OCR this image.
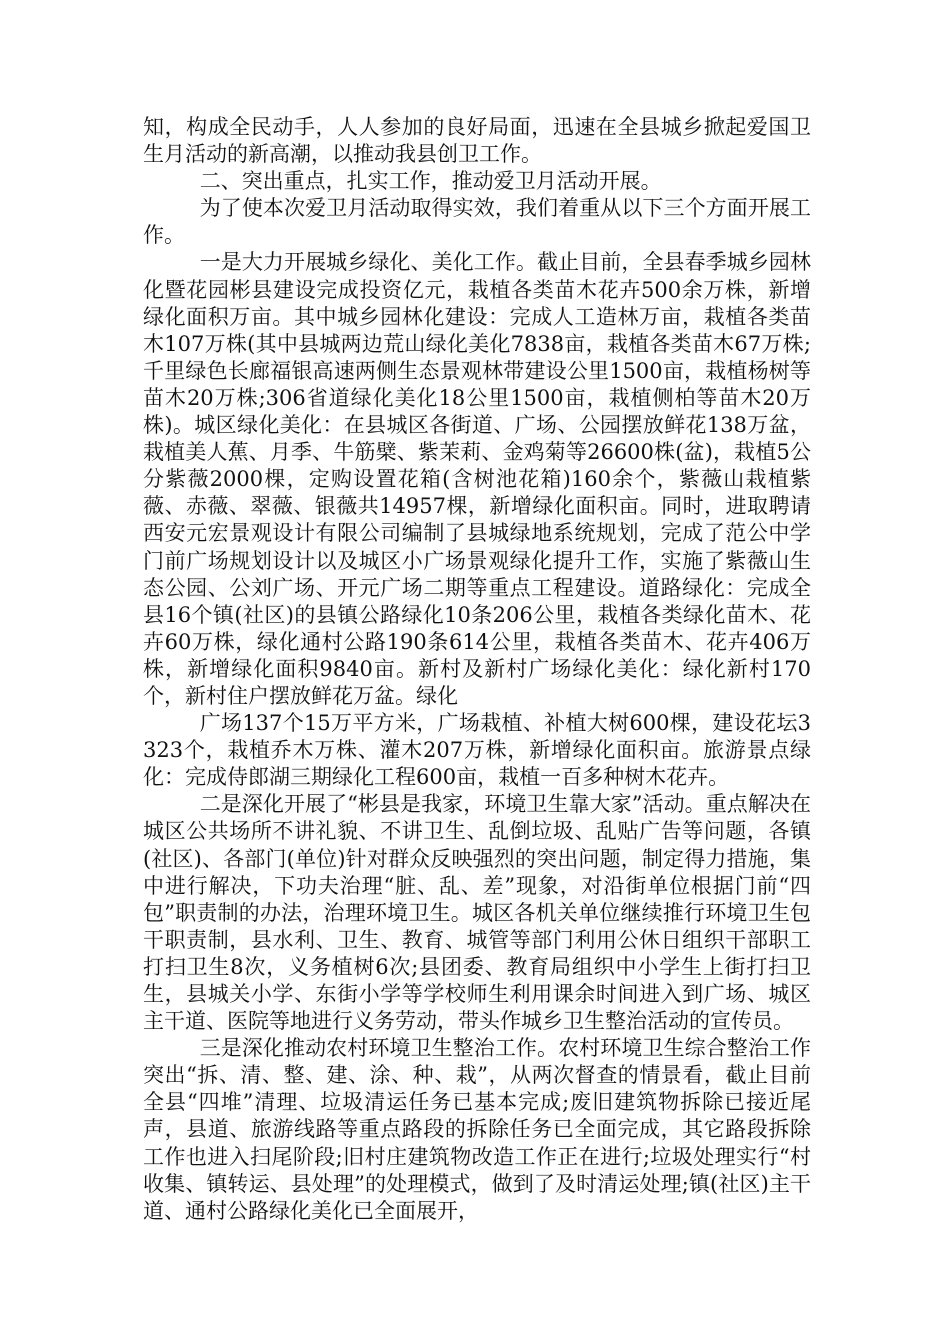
知，构成全民动手，人人参加的良好局面，迅速在全县城乡掀起爱国卫生月活动的新高潮，以推动我县创卫工作。

二、突出重点，扎实工作，推动爱卫月活动开展。

为了使本次爱卫月活动取得实效，我们着重从以下三个方面开展工作。

一是大力开展城乡绿化、美化工作。截止目前，全县春季城乡园林化暨花园彬县建设完成投资亿元，栽植各类苗木花卉500余万株，新增绿化面积万亩。其中城乡园林化建设：完成人工造林万亩，栽植各类苗木107万株(其中县城两边荒山绿化美化7838亩，栽植各类苗木67万株;千里绿色长廊福银高速两侧生态景观林带建设公里1500亩，栽植杨树等苗木20万株;306省道绿化美化18公里1500亩，栽植侧柏等苗木20万株)。城区绿化美化：在县城区各街道、广场、公园摆放鲜花138万盆，栽植美人蕉、月季、牛筋檗、紫茉莉、金鸡菊等26600株(盆)，栽植5公分紫薇2000棵，定购设置花箱(含树池花箱)160余个，紫薇山栽植紫薇、赤薇、翠薇、银薇共14957棵，新增绿化面积亩。同时，进取聘请西安元宏景观设计有限公司编制了县城绿地系统规划，完成了范公中学门前广场规划设计以及城区小广场景观绿化提升工作，实施了紫薇山生态公园、公刘广场、开元广场二期等重点工程建设。道路绿化：完成全县16个镇(社区)的县镇公路绿化10条206公里，栽植各类绿化苗木、花卉60万株，绿化通村公路190条614公里，栽植各类苗木、花卉406万株，新增绿化面积9840亩。新村及新村广场绿化美化：绿化新村170个，新村住户摆放鲜花万盆。绿化

广场137个15万平方米，广场栽植、补植大树600棵，建设花坛3323个，栽植乔木万株、灌木207万株，新增绿化面积亩。旅游景点绿化：完成侍郎湖三期绿化工程600亩，栽植一百多种树木花卉。

二是深化开展了“彬县是我家，环境卫生靠大家”活动。重点解决在城区公共场所不讲礼貌、不讲卫生、乱倒垃圾、乱贴广告等问题，各镇(社区)、各部门(单位)针对群众反映强烈的突出问题，制定得力措施，集中进行解决，下功夫治理“脏、乱、差”现象，对沿街单位根据门前“四包”职责制的办法，治理环境卫生。城区各机关单位继续推行环境卫生包干职责制，县水利、卫生、教育、城管等部门利用公休日组织干部职工打扫卫生8次，义务植树6次;县团委、教育局组织中小学生上街打扫卫生，县城关小学、东街小学等学校师生利用课余时间进入到广场、城区主干道、医院等地进行义务劳动，带头作城乡卫生整治活动的宣传员。

三是深化推动农村环境卫生整治工作。农村环境卫生综合整治工作突出“拆、清、整、建、涂、种、栽”，从两次督查的情景看，截止目前全县“四堆”清理、垃圾清运任务已基本完成;废旧建筑物拆除已接近尾声，县道、旅游线路等重点路段的拆除任务已全面完成，其它路段拆除工作也进入扫尾阶段;旧村庄建筑物改造工作正在进行;垃圾处理实行“村收集、镇转运、县处理”的处理模式，做到了及时清运处理;镇(社区)主干道、通村公路绿化美化已全面展开，
